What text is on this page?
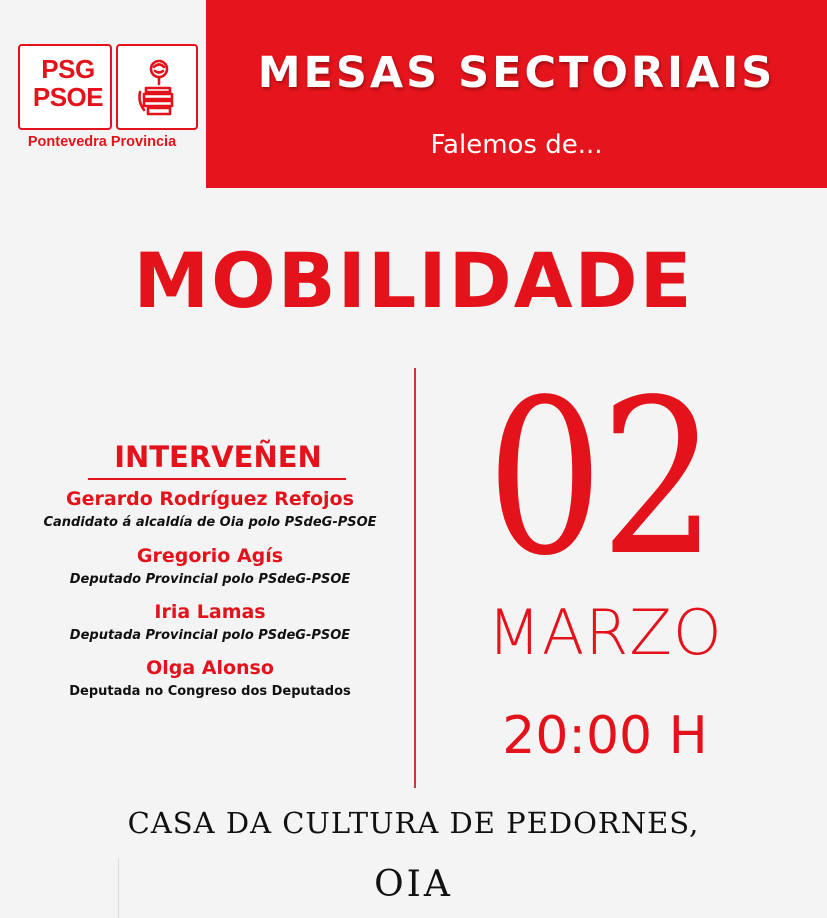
PSG
PSOE
Pontevedra Provincia
MESAS SECTORIAIS
Falemos de...
MOBILIDADE
INTERVEÑEN
Gerardo Rodríguez Refojos
Candidato á alcaldía de Oia polo PSdeG-PSOE
Gregorio Agís
Deputado Provincial polo PSdeG-PSOE
Iria Lamas
Deputada Provincial polo PSdeG-PSOE
Olga Alonso
Deputada no Congreso dos Deputados
02
MARZO
20:00 H
CASA DA CULTURA DE PEDORNES,
OIA
